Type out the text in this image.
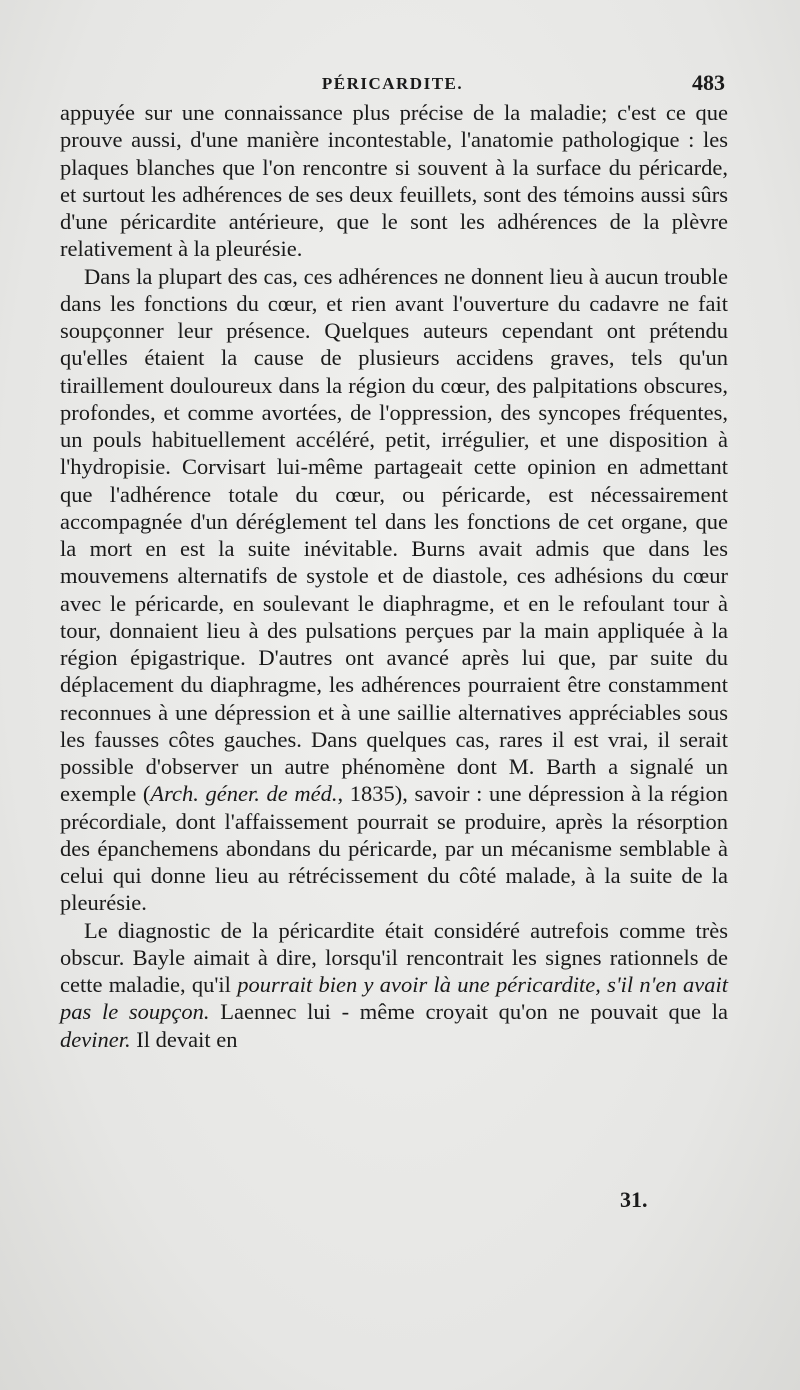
PÉRICARDITE.	483

appuyée sur une connaissance plus précise de la maladie; c'est ce que prouve aussi, d'une manière incontestable, l'anatomie pathologique : les plaques blanches que l'on rencontre si souvent à la surface du péricarde, et surtout les adhérences de ses deux feuillets, sont des témoins aussi sûrs d'une péricardite antérieure, que le sont les adhérences de la plèvre relativement à la pleurésie.

Dans la plupart des cas, ces adhérences ne donnent lieu à aucun trouble dans les fonctions du cœur, et rien avant l'ouverture du cadavre ne fait soupçonner leur présence. Quelques auteurs cependant ont prétendu qu'elles étaient la cause de plusieurs accidens graves, tels qu'un tiraillement douloureux dans la région du cœur, des palpitations obscures, profondes, et comme avortées, de l'oppression, des syncopes fréquentes, un pouls habituellement accéléré, petit, irrégulier, et une disposition à l'hydropisie. Corvisart lui-même partageait cette opinion en admettant que l'adhérence totale du cœur, ou péricarde, est nécessairement accompagnée d'un déréglement tel dans les fonctions de cet organe, que la mort en est la suite inévitable. Burns avait admis que dans les mouvemens alternatifs de systole et de diastole, ces adhésions du cœur avec le péricarde, en soulevant le diaphragme, et en le refoulant tour à tour, donnaient lieu à des pulsations perçues par la main appliquée à la région épigastrique. D'autres ont avancé après lui que, par suite du déplacement du diaphragme, les adhérences pourraient être constamment reconnues à une dépression et à une saillie alternatives appréciables sous les fausses côtes gauches. Dans quelques cas, rares il est vrai, il serait possible d'observer un autre phénomène dont M. Barth a signalé un exemple (Arch. géner. de méd., 1835), savoir : une dépression à la région précordiale, dont l'affaissement pourrait se produire, après la résorption des épanchemens abondans du péricarde, par un mécanisme semblable à celui qui donne lieu au rétrécissement du côté malade, à la suite de la pleurésie.

Le diagnostic de la péricardite était considéré autrefois comme très obscur. Bayle aimait à dire, lorsqu'il rencontrait les signes rationnels de cette maladie, qu'il pourrait bien y avoir là une péricardite, s'il n'en avait pas le soupçon. Laennec lui - même croyait qu'on ne pouvait que la deviner. Il devait en

31.
